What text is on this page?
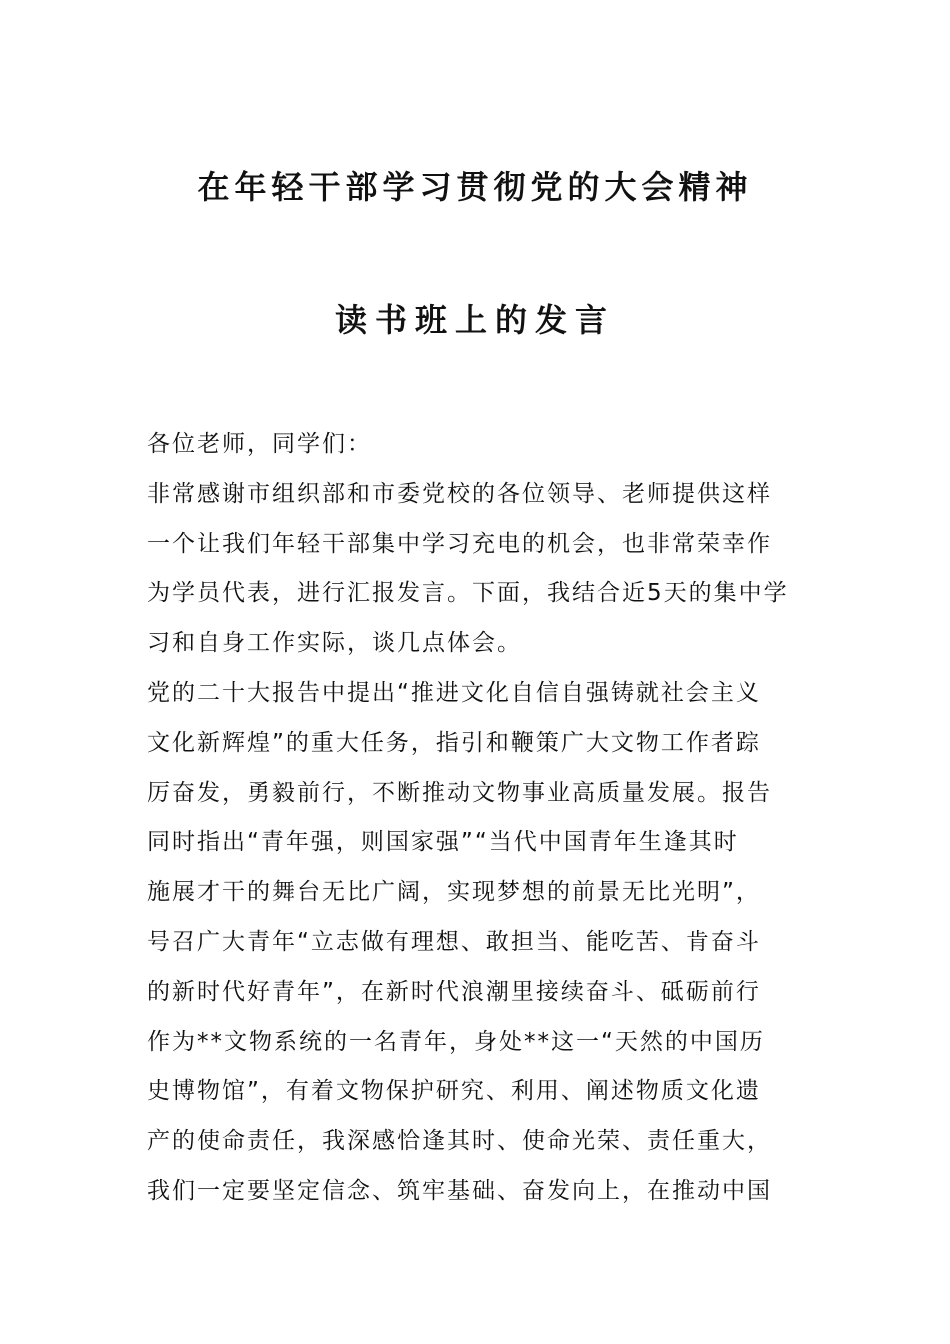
在年轻干部学习贯彻党的大会精神
读书班上的发言
各位老师，同学们：
非常感谢市组织部和市委党校的各位领导、老师提供这样
一个让我们年轻干部集中学习充电的机会，也非常荣幸作
为学员代表，进行汇报发言。下面，我结合近5天的集中学
习和自身工作实际，谈几点体会。
党的二十大报告中提出“推进文化自信自强铸就社会主义
文化新辉煌”的重大任务，指引和鞭策广大文物工作者踪
厉奋发，勇毅前行，不断推动文物事业高质量发展。报告
同时指出“青年强，则国家强”“当代中国青年生逢其时
施展才干的舞台无比广阔，实现梦想的前景无比光明”，
号召广大青年“立志做有理想、敢担当、能吃苦、肯奋斗
的新时代好青年”，在新时代浪潮里接续奋斗、砥砺前行
作为**文物系统的一名青年，身处**这一“天然的中国历
史博物馆”，有着文物保护研究、利用、阐述物质文化遗
产的使命责任，我深感恰逢其时、使命光荣、责任重大，
我们一定要坚定信念、筑牢基础、奋发向上，在推动中国
